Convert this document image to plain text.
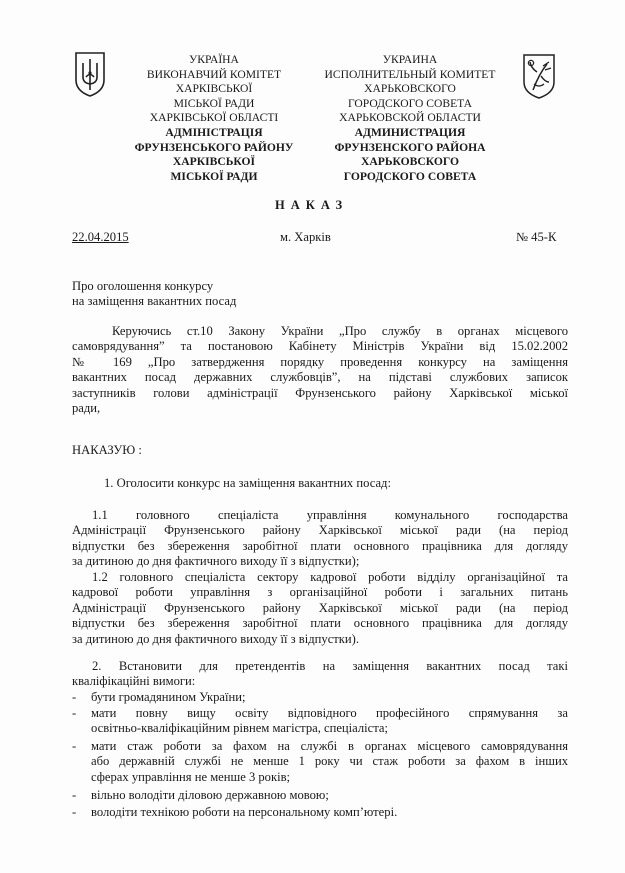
УКРАЇНА
ВИКОНАВЧИЙ КОМІТЕТ
ХАРКІВСЬКОЇ
МІСЬКОЇ РАДИ
ХАРКІВСЬКОЇ ОБЛАСТІ
АДМІНІСТРАЦІЯ
ФРУНЗЕНСЬКОГО РАЙОНУ
ХАРКІВСЬКОЇ
МІСЬКОЇ РАДИ
УКРАИНА
ИСПОЛНИТЕЛЬНЫЙ КОМИТЕТ
ХАРЬКОВСКОГО
ГОРОДСКОГО СОВЕТА
ХАРЬКОВСКОЙ ОБЛАСТИ
АДМИНИСТРАЦИЯ
ФРУНЗЕНСКОГО РАЙОНА
ХАРЬКОВСКОГО
ГОРОДСКОГО СОВЕТА
НАКАЗ
22.04.2015	м. Харків	№ 45-К
Про оголошення конкурсу
на заміщення вакантних посад
Керуючись ст.10 Закону України „Про службу в органах місцевого
самоврядування” та постановою Кабінету Міністрів України від 15.02.2002
№ 169 „Про затвердження порядку проведення конкурсу на заміщення
вакантних посад державних службовців”, на підставі службових записок
заступників голови адміністрації Фрунзенського району Харківської міської
ради,
НАКАЗУЮ :
1. Оголосити конкурс на заміщення вакантних посад:
1.1 головного спеціаліста управління комунального господарства
Адміністрації Фрунзенського району Харківської міської ради (на період
відпустки без збереження заробітної плати основного працівника для догляду
за дитиною до дня фактичного виходу її з відпустки);
1.2 головного спеціаліста сектору кадрової роботи відділу організаційної та
кадрової роботи управління з організаційної роботи і загальних питань
Адміністрації Фрунзенського району Харківської міської ради (на період
відпустки без збереження заробітної плати основного працівника для догляду
за дитиною до дня фактичного виходу її з відпустки).
2. Встановити для претендентів на заміщення вакантних посад такі
кваліфікаційні вимоги:
- бути громадянином України;
- мати повну вищу освіту відповідного професійного спрямування за
освітньо-кваліфікаційним рівнем магістра, спеціаліста;
- мати стаж роботи за фахом на службі в органах місцевого самоврядування
або державній службі не менше 1 року чи стаж роботи за фахом в інших
сферах управління не менше 3 років;
- вільно володіти діловою державною мовою;
- володіти технікою роботи на персональному комп’ютері.
